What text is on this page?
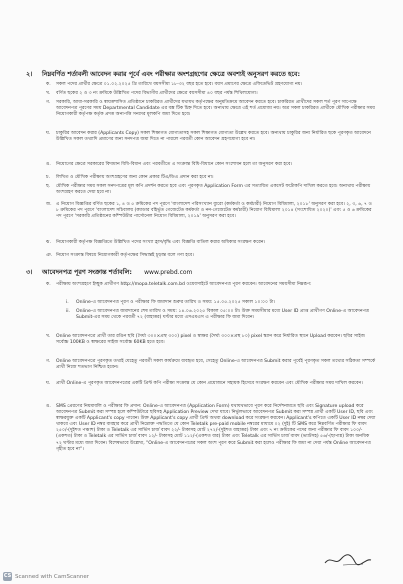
২। নিম্নবর্ণিত শর্তাবলী আবেদন করার পূর্বে এবং পরীক্ষার অংশগ্রহণের ক্ষেত্রে অবশ্যই অনুসরণ করতে হবে:
ক. সকল পদের প্রার্থীর ক্ষেত্রে ০১.০২.২০২৫ খ্রি তারিখে বয়সসীমা ১৮-৩২ বছর হতে হবে। বয়স প্রমাণের ক্ষেত্রে এফিডেভিট গ্রহণযোগ্য নয়।
খ. বর্ণিত ছকের ২ ও ৩ নং ক্রমিকে উল্লিখিত পদের বিভাগীয় প্রার্থীদের ক্ষেত্রে বয়সসীমা ৪০ বছর পর্যন্ত শিথিলযোগ্য।
গ. সরকারি, আধা-সরকারি ও স্বায়ত্তশাসিত প্রতিষ্ঠানে চাকরিরত প্রার্থীদের যথাযথ কর্তৃপক্ষের অনুমতিক্রমে আবেদন করতে হবে। চাকরিরত প্রার্থীদের সকল শর্ত পূরণ সাপেক্ষে আবেদনপত্র পূরণের সময় Departmental Candidate এর বক্স টিক চিহ্ন দিতে হবে। অন্যথায় ক্ষেত্রে এই শর্ত প্রযোজ্য নয়। অত্র সকল চাকরিরত প্রার্থীকে মৌখিক পরীক্ষার সময় নিয়োগকারী কর্তৃপক্ষ কর্তৃক প্রদত্ত অনাপত্তি সনদের মূলকপি জমা দিতে হবে।
ঘ. চাকুরির আবেদন করার (Applicants Copy) সকল শিক্ষাগত যোগ্যতাসহ সকল শিক্ষাগত যোগ্যতা উল্লেখ করতে হবে। অন্যথায় চাকুরির জন্য নির্ধারিত ছকে পূরণকৃত আবেদনে উল্লিখিত সকল তথ্যাদি প্রমাণের জন্য সনদপত্র জমা দিতে না পারলে পরবর্তী কোন আবেদন গ্রহণযোগ্য হবে না।
ঙ. নিয়োগের ক্ষেত্রে সরকারের বিদ্যমান বিধি-বিধান এবং পরবর্তীতে এ সংক্রান্ত বিধি-বিধানে কোন সংশোধন হলে তা অনুসরণ করা হবে।
চ. লিখিত ও মৌখিক পরীক্ষায় অংশগ্রহণের জন্য কোন প্রকার টিএ/ডিএ প্রদান করা হবে না।
ছ. মৌখিক পরীক্ষার সময় সকল সনদপত্রের মূল কপি প্রদর্শন করতে হবে এবং পূরণকৃত Application Form এর সত্যায়িত একসেট ফটোকপি দাখিল করতে হবে। অন্যথায় পরীক্ষায় অংশগ্রহণ করতে দেয়া হবে না।
জ. এ নিয়োগ বিজ্ঞপ্তির বর্ণিত ছকের ১, ৪ ও ৫ ক্রমিকের পদ পূরণে 'বাংলাদেশ পরিসংখ্যান ব্যুরো (কর্মকর্তা ও কর্মচারী) নিয়োগ বিধিমালা, ২০১৮' অনুসরণ করা হবে। ২, ৩, ৬, ৭ ও ৮ ক্রমিকের পদ পূরণে 'বাংলাদেশ সচিবালয় (ক্যাডার বহির্ভূত গেজেটেড কর্মকর্তা ও নন-গেজেটেড কর্মচারী) নিয়োগ বিধিমালা ২০১৪ (সংশোধিত ২০২০)' এবং ৫ ও ৬ ক্রমিকের পদ পূরণে 'সরকারি প্রতিষ্ঠানের কম্পিউটার পার্সোনেল নিয়োগ বিধিমালা, ২০১৯' অনুসরণ করা হবে।
ঝ. নিয়োগকারী কর্তৃপক্ষ বিজ্ঞপ্তিতে উল্লিখিত পদের সংখ্যা হ্রাস/বৃদ্ধি এবং বিজ্ঞপ্তি বাতিল করার অধিকার সংরক্ষণ করেন।
ঞ. নিয়োগ সংক্রান্ত বিষয়ে নিয়োগকারী কর্তৃপক্ষের সিদ্ধান্তই চূড়ান্ত বলে গণ্য হবে।
৩। আবেদনপত্র পূরণ সংক্রান্ত শর্তাবলি: www.prebd.com
ক. পরীক্ষায় অংশগ্রহণে ইচ্ছুক প্রার্থীগণ http://mopa.teletalk.com.bd ওয়েবসাইটে আবেদনপত্র পূরণ করবেন। আবেদনের সময়সীমা নিম্নরূপ:
i. Online-এ আবেদনপত্র পূরণ ও পরীক্ষার ফি জমাদান শুরুর তারিখ ও সময়: ১৫.০৫.২০২৫ সকাল ১০:০০ টা।
ii. Online-এ আবেদনপত্র জমাদানের শেষ তারিখ ও সময়: ১৪.০৬.২০২৫ বিকাল ০৫:০০ টা। উক্ত সময়সীমার মধ্যে User ID প্রাপ্ত প্রার্থীগণ Online-এ আবেদনপত্র Submit-এর সময় থেকে পরবর্তী ৭২ (বাহাত্তর) ঘণ্টার মধ্যে এসএমএস এ পরীক্ষার ফি জমা দিবেন।
খ. Online আবেদনপত্রে প্রার্থী তার রঙিন ছবি (দৈর্ঘ্য ৩০০×প্রস্থ ৩০০) pixel ও স্বাক্ষর (দৈর্ঘ্য ৩০০×প্রস্থ ৮০) pixel স্ক্যান করে নির্ধারিত স্থানে Upload করবেন। ছবির সাইজ সর্বোচ্চ 100KB ও স্বাক্ষরের সাইজ সর্বোচ্চ 60KB হতে হবে।
গ. Online আবেদনপত্রে পূরণকৃত তথ্যই যেহেতু পরবর্তী সকল কার্যক্রমে ব্যবহৃত হবে, সেহেতু Online-এ আবেদনপত্র Submit করার পূর্বেই পূরণকৃত সকল তথ্যের সঠিকতা সম্পর্কে প্রার্থী নিজে শতভাগ নিশ্চিত হবেন।
ঘ. প্রার্থী Online-এ পূরণকৃত আবেদনপত্রের একটি প্রিন্ট কপি পরীক্ষা সংক্রান্ত যে কোন প্রয়োজনে সহায়ক হিসেবে সংরক্ষণ করবেন এবং মৌখিক পরীক্ষার সময় দাখিল করবেন।
ঙ. SMS প্রেরণের নিয়মাবলি ও পরীক্ষার ফি প্রদান: Online-এ আবেদনপত্র (Application Form) যথাযথভাবে পূরণ করে নির্দেশনামতে ছবি এবং Signature upload করে আবেদনপত্র Submit করা সম্পন্ন হলে কম্পিউটারে ছবিসহ Application Preview দেখা যাবে। নির্ভুলভাবে আবেদনপত্র Submit করা সম্পন্ন প্রার্থী একটি User ID, ছবি এবং স্বাক্ষরযুক্ত একটি Applicant's copy পাবেন। উক্ত Applicant's copy প্রার্থী প্রিন্ট অথবা download করে সংরক্ষণ করবেন। Applicant's কপিতে একটি User ID নম্বর দেয়া থাকবে এবং User ID নম্বর ব্যবহার করে প্রার্থী নিম্নোক্ত পদ্ধতিতে যে কোন Teletalk pre-paid mobile নম্বরের মাধ্যমে ০২ (দুই) টি SMS করে নিম্নবর্ণিত পরীক্ষার ফি বাবদ ২৫০/-(দুইশত পঞ্চাশ) টাকা ও Teletalk এর সার্ভিস চার্জ বাবদ ২২/- টাকাসহ মোট ২৭২/-(দুইশত বাহাত্তর) টাকা এবং ৭ নং ক্রমিকের পদের জন্য পরীক্ষার ফি বাবদ ১০০/-(একশত) টাকা ও Teletalk এর সার্ভিস চার্জ বাবদ ১২/- টাকাসহ মোট ১১২/-(একশত বার) টাকা এবং Teletalk এর সার্ভিস চার্জ বাবদ (ভ্যাটসহ) ৫৬/-(ছাপান্ন) টাকা অনধিক ৭২ ঘণ্টার মধ্যে জমা দিবেন। বিশেষভাবে উল্লেখ্য, "Online-এ আবেদনপত্রের সকল অংশ পূরণ করে Submit করা হলেও পরীক্ষার ফি জমা না দেয়া পর্যন্ত Online আবেদনপত্র গৃহীত হবে না"।
CS Scanned with CamScanner
